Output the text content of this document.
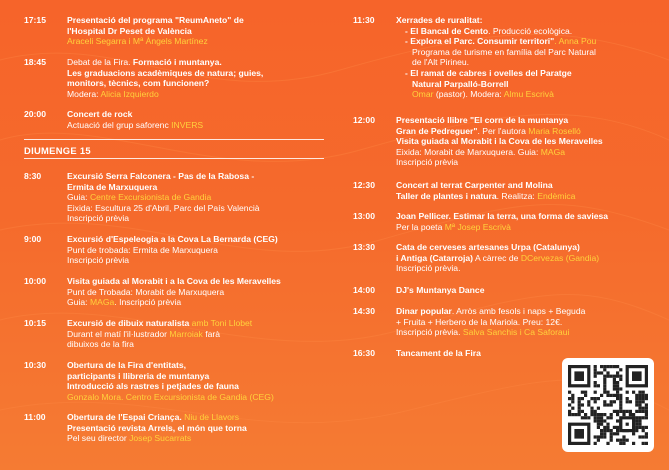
17:15	Presentació del programa "ReumAneto" de
l'Hospital Dr Peset de València
Araceli Segarra i Mª Àngels Martínez
18:45	Debat de la Fira. Formació i muntanya.
Les graduacions acadèmiques de natura; guies,
monitors, tècnics, com funcionen?
Modera: Alicia Izquierdo
20:00	Concert de rock
Actuació del grup saforenc INVERS
DIUMENGE 15
8:30	Excursió Serra Falconera - Pas de la Rabosa -
Ermita de Marxuquera
Guia: Centre Excursionista de Gandia
Eixida: Escultura 25 d'Abril, Parc del País Valencià
Inscripció prèvia
9:00	Excursió d'Espeleogia a la Cova La Bernarda (CEG)
Punt de trobada: Ermita de Marxuquera
Inscripció prèvia
10:00	Visita guiada al Morabit i a la Cova de les Meravelles
Punt de Trobada: Morabit de Marxuquera
Guia: MAGa. Inscripció prèvia
10:15	Excursió de dibuix naturalista amb Toni Llobet
Durant el matí l'il·lustrador Marroiak farà
dibuixos de la fira
10:30	Obertura de la Fira d'entitats,
participants i llibreria de muntanya
Introducció als rastres i petjades de fauna
Gonzalo Mora. Centro Excursionista de Gandia (CEG)
11:00	Obertura de l'Espai Criança. Niu de Llavors
Presentació revista Arrels, el món que torna
Pel seu director Josep Sucarrats
11:30	Xerrades de ruralitat:
- El Bancal de Cento. Producció ecològica.
- Explora el Parc. Consumir territori". Anna Pou
Programa de turisme en família del Parc Natural
de l'Alt Pirineu.
- El ramat de cabres i ovelles del Paratge
Natural Parpalló-Borrell
Omar (pastor). Modera: Almu Escrivà
12:00	Presentació llibre "El corn de la muntanya
Gran de Pedreguer". Per l'autora Maria Roselló
Visita guiada al Morabit i la Cova de les Meravelles
Eixida: Morabit de Marxuquera. Guia: MAGa
Inscripció prèvia
12:30	Concert al terrat Carpenter and Molina
Taller de plantes i natura. Realitza: Endèmica
13:00	Joan Pellicer. Estimar la terra, una forma de saviesa
Per la poeta Mª Josep Escrivà
13:30	Cata de cerveses artesanes Urpa (Catalunya)
i Antiga (Catarroja) A càrrec de DCervezas (Gandia)
Inscripció prèvia.
14:00	DJ's Muntanya Dance
14:30	Dinar popular. Arròs amb fesols i naps + Beguda
+ Fruita + Herbero de la Mariola. Preu: 12€.
Inscripció prèvia. Salva Sanchis i Ca Saforaui
16:30	Tancament de la Fira
